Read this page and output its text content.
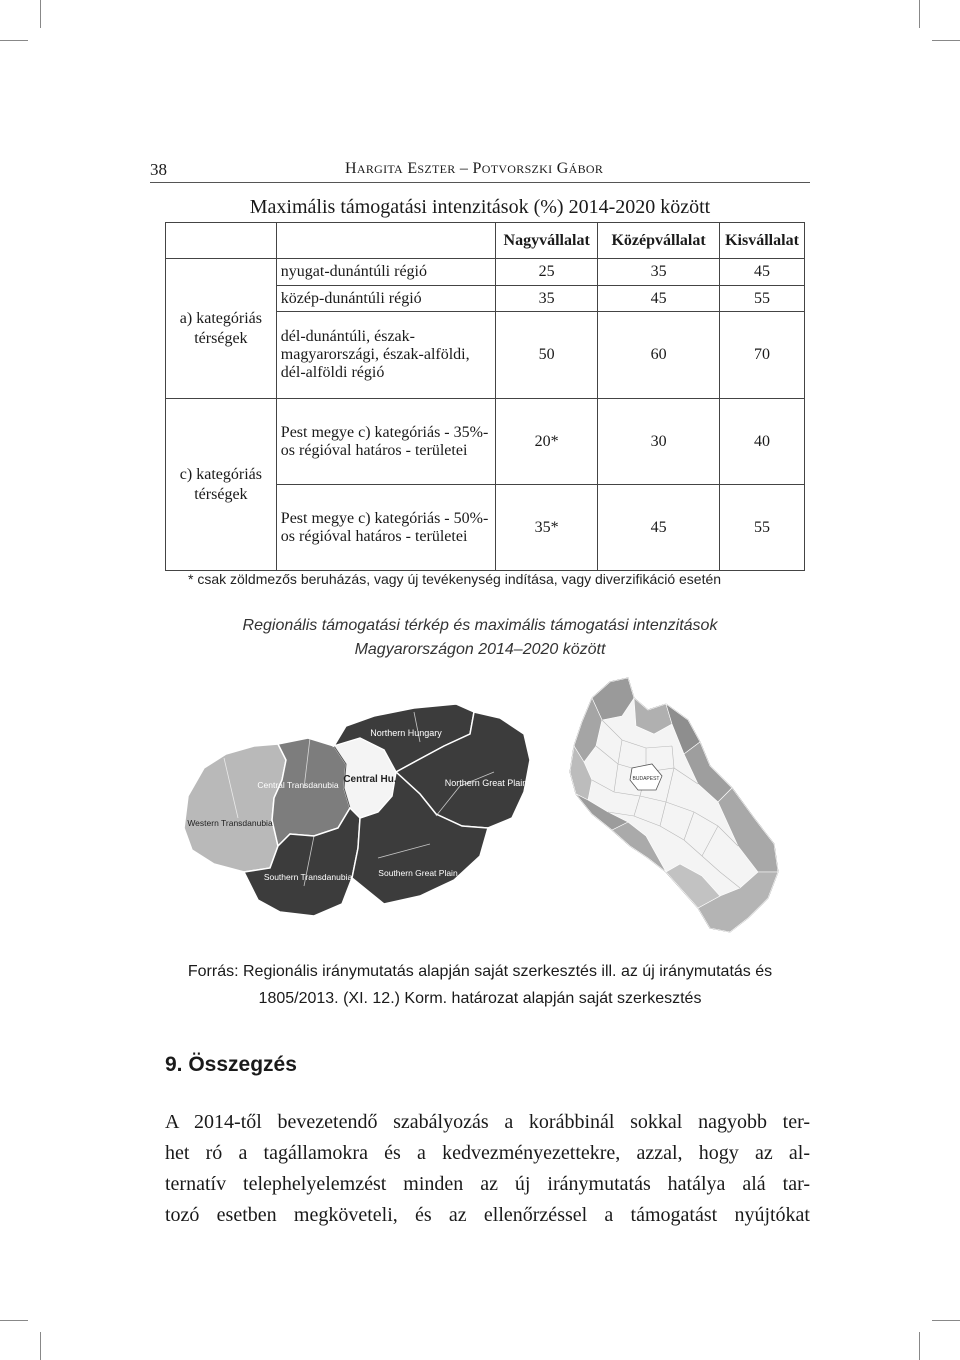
38	HARGITA ESZTER – POTVORSZKI GÁBOR
Maximális támogatási intenzitások (%) 2014-2020 között
		Nagyvállalat	Középvállalat	Kisvállalat
a) kategóriás térségek	nyugat-dunántúli régió	25	35	45
	közép-dunántúli régió	35	45	55
	dél-dunántúli, észak-magyarországi, észak-alföldi, dél-alföldi régió	50	60	70
c) kategóriás térségek	Pest megye c) kategóriás - 35%-os régióval határos - területei	20*	30	40
	Pest megye c) kategóriás - 50%-os régióval határos - területei	35*	45	55
* csak zöldmezős beruházás, vagy új tevékenység indítása, vagy diverzifikáció esetén
Regionális támogatási térkép és maximális támogatási intenzitások
Magyarországon 2014–2020 között
Northern Hungary
Northern Great Plain
Central Hu.
Central Transdanubia
Western Transdanubia
Southern Transdanubia	Southern Great Plain
BUDAPEST
Forrás: Regionális iránymutatás alapján saját szerkesztés ill. az új iránymutatás és
1805/2013. (XI. 12.) Korm. határozat alapján saját szerkesztés
9. Összegzés
A 2014-től bevezetendő szabályozás a korábbinál sokkal nagyobb ter-
het ró a tagállamokra és a kedvezményezettekre, azzal, hogy az al-
ternatív telephelyelemzést minden az új iránymutatás hatálya alá tar-
tozó esetben megköveteli, és az ellenőrzéssel a támogatást nyújtókat
